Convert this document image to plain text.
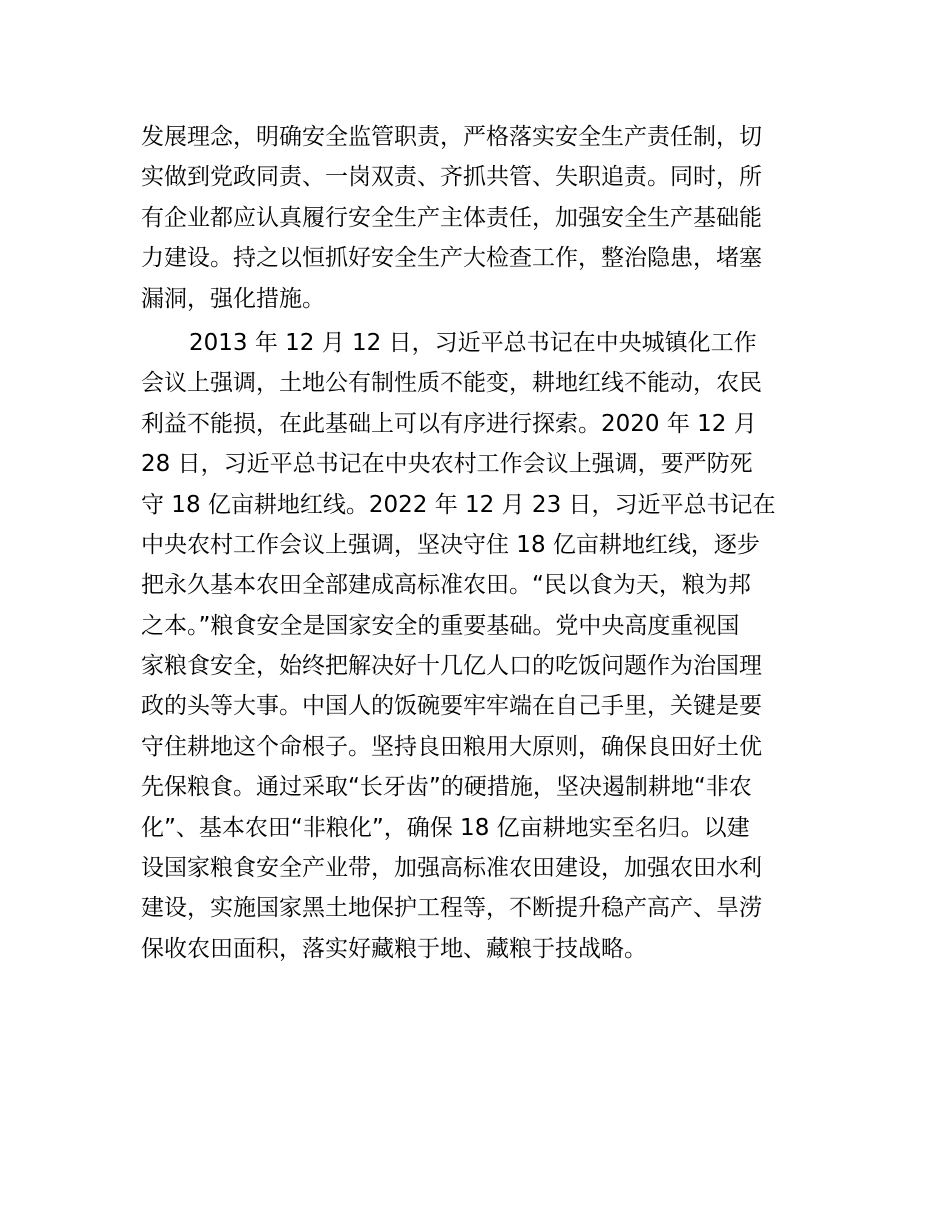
发展理念，明确安全监管职责，严格落实安全生产责任制，切
实做到党政同责、一岗双责、齐抓共管、失职追责。同时，所
有企业都应认真履行安全生产主体责任，加强安全生产基础能
力建设。持之以恒抓好安全生产大检查工作，整治隐患，堵塞
漏洞，强化措施。
2013 年 12 月 12 日，习近平总书记在中央城镇化工作
会议上强调，土地公有制性质不能变，耕地红线不能动，农民
利益不能损，在此基础上可以有序进行探索。2020 年 12 月
28 日，习近平总书记在中央农村工作会议上强调，要严防死
守 18 亿亩耕地红线。2022 年 12 月 23 日，习近平总书记在
中央农村工作会议上强调，坚决守住 18 亿亩耕地红线，逐步
把永久基本农田全部建成高标准农田。“民以食为天，粮为邦
之本。”粮食安全是国家安全的重要基础。党中央高度重视国
家粮食安全，始终把解决好十几亿人口的吃饭问题作为治国理
政的头等大事。中国人的饭碗要牢牢端在自己手里，关键是要
守住耕地这个命根子。坚持良田粮用大原则，确保良田好土优
先保粮食。通过采取“长牙齿”的硬措施，坚决遏制耕地“非农
化”、基本农田“非粮化”，确保 18 亿亩耕地实至名归。以建
设国家粮食安全产业带，加强高标准农田建设，加强农田水利
建设，实施国家黑土地保护工程等，不断提升稳产高产、旱涝
保收农田面积，落实好藏粮于地、藏粮于技战略。
